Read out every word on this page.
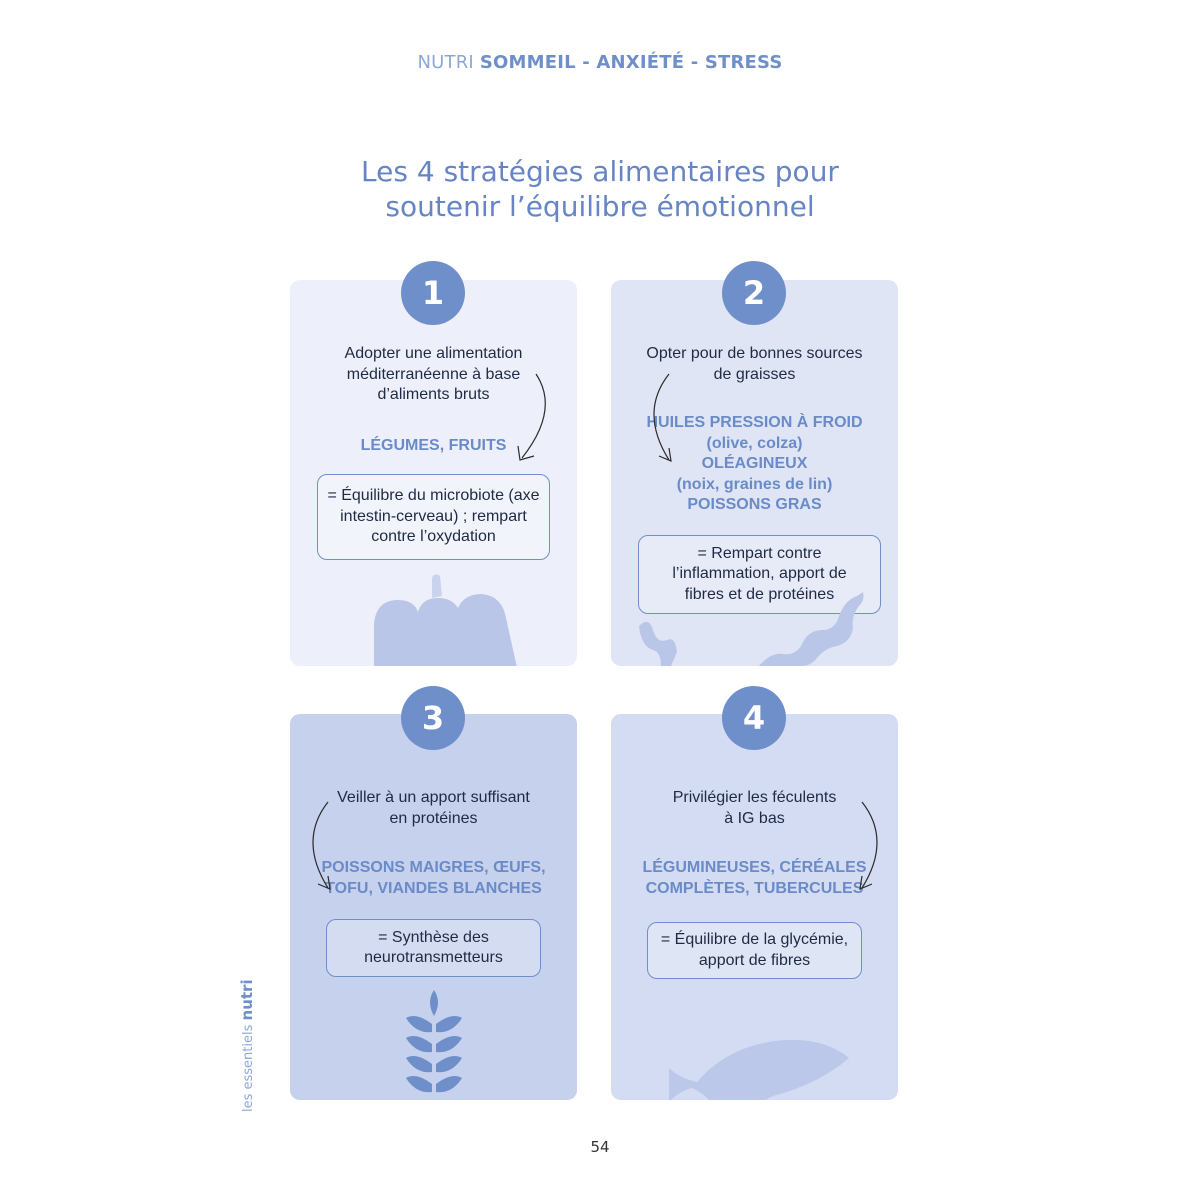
NUTRI SOMMEIL - ANXIÉTÉ - STRESS
Les 4 stratégies alimentaires pour
soutenir l’équilibre émotionnel
Adopter une alimentation
méditerranéenne à base
d’aliments bruts
LÉGUMES, FRUITS
= Équilibre du microbiote (axe
intestin-cerveau) ; rempart
contre l’oxydation
Opter pour de bonnes sources
de graisses
HUILES PRESSION À FROID
(olive, colza)
OLÉAGINEUX
(noix, graines de lin)
POISSONS GRAS
= Rempart contre
l’inflammation, apport de
fibres et de protéines
Veiller à un apport suffisant
en protéines
POISSONS MAIGRES, ŒUFS,
TOFU, VIANDES BLANCHES
= Synthèse des
neurotransmetteurs
Privilégier les féculents
à IG bas
LÉGUMINEUSES, CÉRÉALES
COMPLÈTES, TUBERCULES
= Équilibre de la glycémie,
apport de fibres
1	2
3	4
les essentiels nutri
54
